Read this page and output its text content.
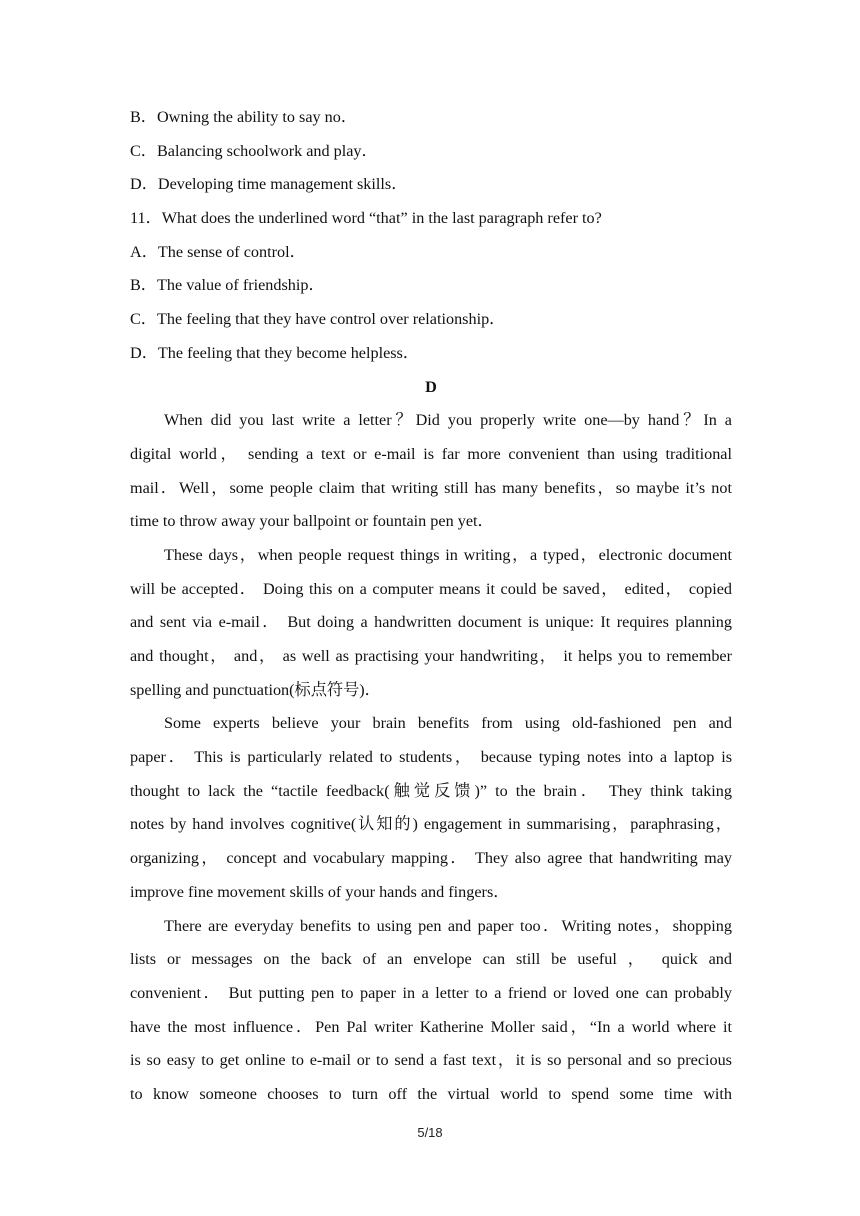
B．Owning the ability to say no．
C．Balancing schoolwork and play．
D．Developing time management skills．
11．What does the underlined word “that” in the last paragraph refer to?
A．The sense of control．
B．The value of friendship．
C．The feeling that they have control over relationship．
D．The feeling that they become helpless．
D
When did you last write a letter？Did you properly write one—by hand？In a
digital world， sending a text or e-mail is far more convenient than using traditional
mail．Well，some people claim that writing still has many benefits，so maybe it’s not
time to throw away your ballpoint or fountain pen yet．
These days，when people request things in writing，a typed，electronic document
will be accepted． Doing this on a computer means it could be saved， edited， copied
and sent via e-mail． But doing a handwritten document is unique: It requires planning
and thought， and， as well as practising your handwriting， it helps you to remember
spelling and punctuation(标点符号)．
Some experts believe your brain benefits from using old-fashioned pen and
paper． This is particularly related to students， because typing notes into a laptop is
thought to lack the “tactile feedback(触觉反馈)” to the brain． They think taking
notes by hand involves cognitive(认知的) engagement in summarising，paraphrasing，
organizing， concept and vocabulary mapping． They also agree that handwriting may
improve fine movement skills of your hands and fingers．
There are everyday benefits to using pen and paper too．Writing notes，shopping
lists or messages on the back of an envelope can still be useful ， quick and
convenient． But putting pen to paper in a letter to a friend or loved one can probably
have the most influence．Pen Pal writer Katherine Moller said，“In a world where it
is so easy to get online to e-mail or to send a fast text，it is so personal and so precious
to know someone chooses to turn off the virtual world to spend some time with
5/18
